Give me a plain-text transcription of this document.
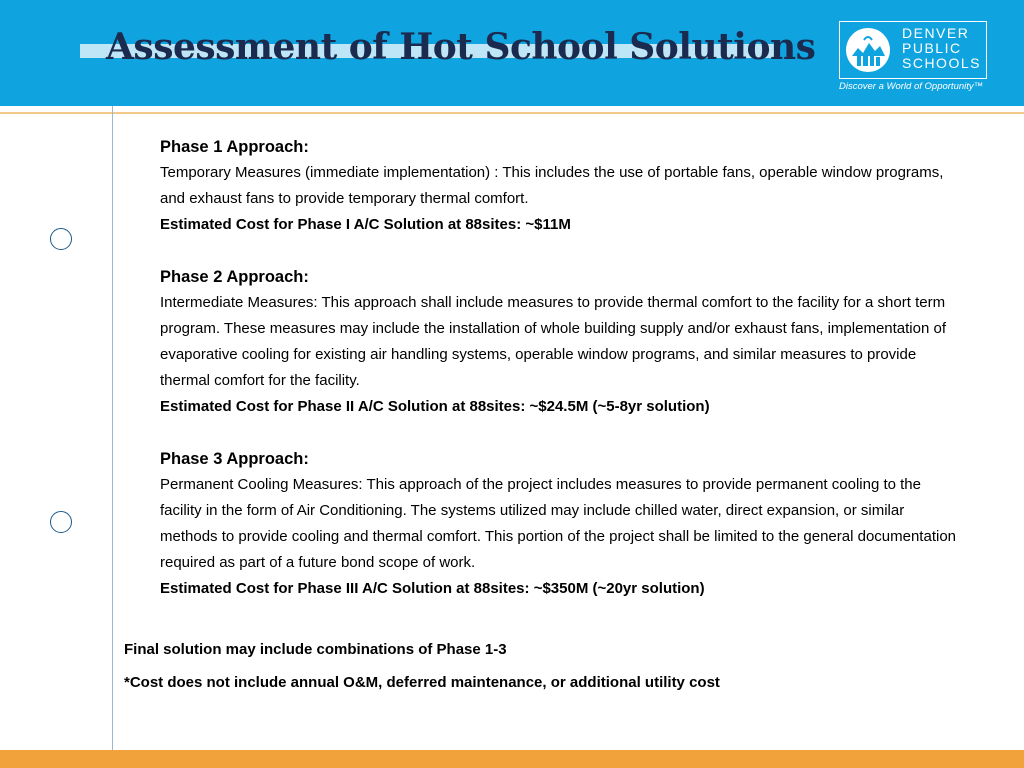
Assessment of Hot School Solutions	DENVER
PUBLIC
SCHOOLS
Discover a World of Opportunity™
Phase 1 Approach:
Temporary Measures (immediate implementation) : This includes the use of portable fans, operable window programs, and exhaust fans to provide temporary thermal comfort.
Estimated Cost for Phase I A/C Solution at 88sites: ~$11M
Phase 2 Approach:
Intermediate Measures: This approach shall include measures to provide thermal comfort to the facility for a short term program. These measures may include the installation of whole building supply and/or exhaust fans, implementation of evaporative cooling for existing air handling systems, operable window programs, and similar measures to provide thermal comfort for the facility.
Estimated Cost for Phase II A/C Solution at 88sites: ~$24.5M (~5-8yr solution)
Phase 3 Approach:
Permanent Cooling Measures: This approach of the project includes measures to provide permanent cooling to the facility in the form of Air Conditioning. The systems utilized may include chilled water, direct expansion, or similar methods to provide cooling and thermal comfort. This portion of the project shall be limited to the general documentation required as part of a future bond scope of work.
Estimated Cost for Phase III A/C Solution at 88sites: ~$350M (~20yr solution)
Final solution may include combinations of Phase 1-3
*Cost does not include annual O&M, deferred maintenance, or additional utility cost
